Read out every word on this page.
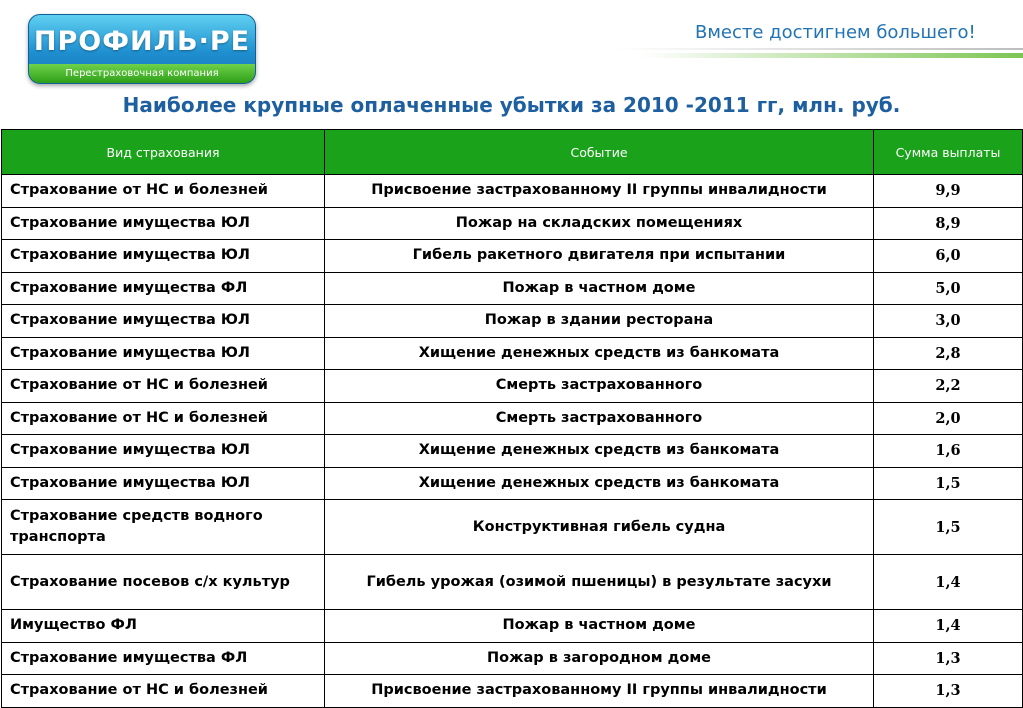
ПРОФИЛЬ·РЕ
Перестраховочная компания
Вместе достигнем большего!
Наиболее крупные оплаченные убытки за 2010 -2011 гг, млн. руб.
Вид страхования	Событие	Сумма выплаты
Страхование от НС и болезней	Присвоение застрахованному II группы инвалидности	9,9
Страхование имущества ЮЛ	Пожар на складских помещениях	8,9
Страхование имущества ЮЛ	Гибель ракетного двигателя при испытании	6,0
Страхование имущества ФЛ	Пожар в частном доме	5,0
Страхование имущества ЮЛ	Пожар в здании ресторана	3,0
Страхование имущества ЮЛ	Хищение денежных средств из банкомата	2,8
Страхование от НС и болезней	Смерть застрахованного	2,2
Страхование от НС и болезней	Смерть застрахованного	2,0
Страхование имущества ЮЛ	Хищение денежных средств из банкомата	1,6
Страхование имущества ЮЛ	Хищение денежных средств из банкомата	1,5
Страхование средств водного транспорта	Конструктивная гибель судна	1,5
Страхование посевов с/х культур	Гибель урожая (озимой пшеницы) в результате засухи	1,4
Имущество ФЛ	Пожар в частном доме	1,4
Страхование имущества ФЛ	Пожар в загородном доме	1,3
Страхование от НС и болезней	Присвоение застрахованному II группы инвалидности	1,3
